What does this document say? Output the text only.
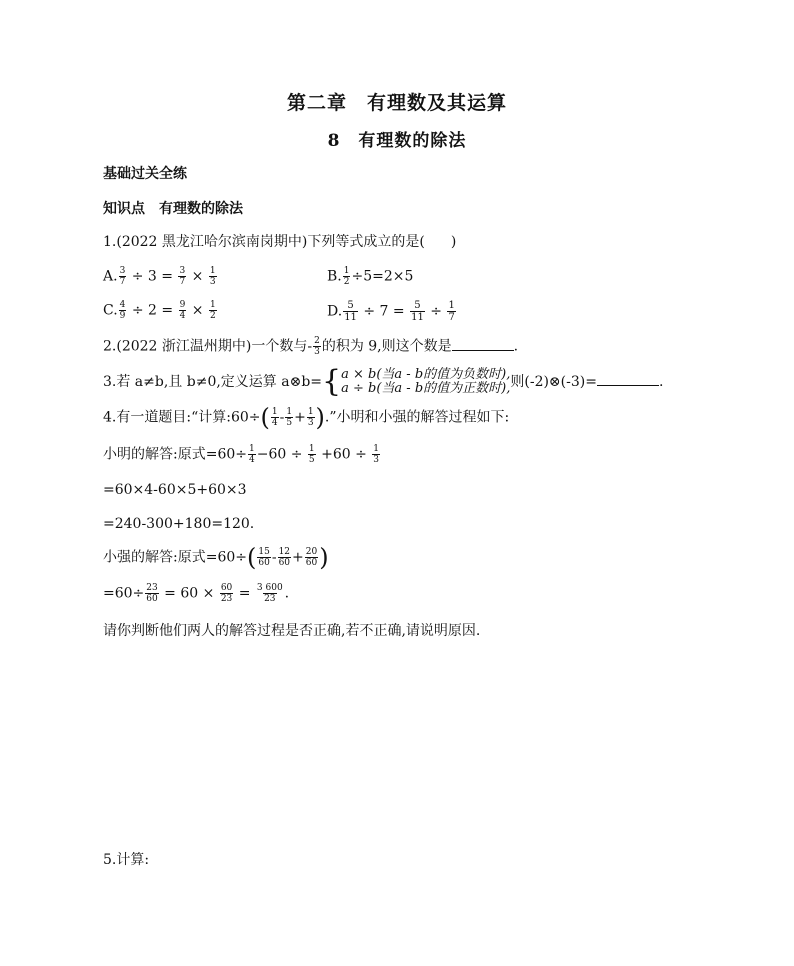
第二章　有理数及其运算
8　有理数的除法
基础过关全练
知识点　有理数的除法
1.(2022 黑龙江哈尔滨南岗期中)下列等式成立的是( )
A. $\frac{3}{7} \div 3 = \frac{3}{7} \times \frac{1}{3}$	B. $\frac{1}{2} \div 5=2\times 5$
C. $\frac{4}{9} \div 2 = \frac{9}{4} \times \frac{1}{2}$	D. $\frac{5}{11} \div 7 = \frac{5}{11} \div \frac{1}{7}$
2.(2022 浙江温州期中)一个数与- $\frac{2}{3}$ 的积为 9,则这个数是	.
3.若 a≠b,且 b≠0,定义运算 a⊗b={ a × b(当a - b的值为负数时),
a ÷ b(当a - b的值为正数时), 则(-2)⊗(-3)=	.
4.有一道题目:“计算:60÷( $\frac{1}{4} - \frac{1}{5} + \frac{1}{3}$ ).”小明和小强的解答过程如下:
小明的解答:原式$=60\div \frac{1}{4} -60 \div \frac{1}{5} +60 \div \frac{1}{3}$
=60×4-60×5+60×3
=240-300+180=120.
小强的解答:原式$=60\div( \frac{15}{60} - \frac{12}{60} + \frac{20}{60}$ )
$=60\div \frac{23}{60} = 60 \times \frac{60}{23} = \frac{3 600}{23}$ .
请你判断他们两人的解答过程是否正确,若不正确,请说明原因.
5.计算:
